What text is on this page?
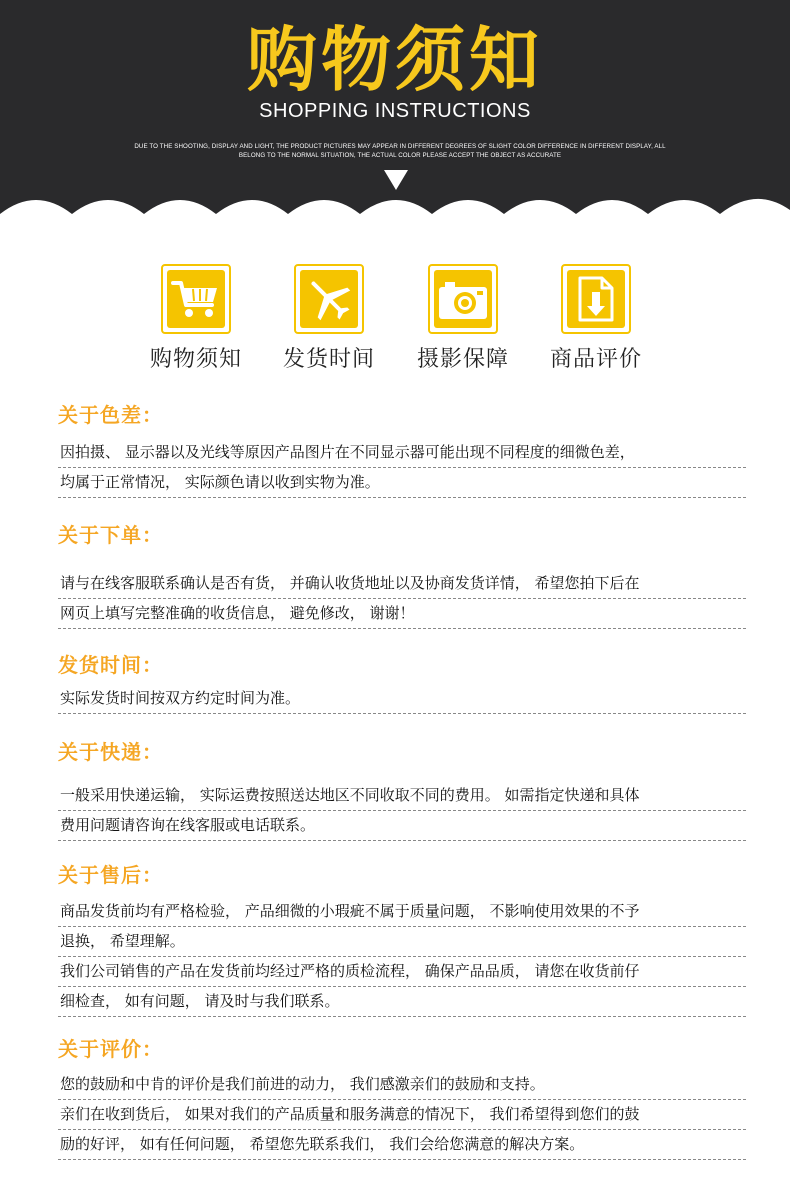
购物须知
SHOPPING INSTRUCTIONS
DUE TO THE SHOOTING, DISPLAY AND LIGHT, THE PRODUCT PICTURES MAY APPEAR IN DIFFERENT DEGREES OF SLIGHT COLOR DIFFERENCE IN DIFFERENT DISPLAY, ALL
BELONG TO THE NORMAL SITUATION, THE ACTUAL COLOR PLEASE ACCEPT THE OBJECT AS ACCURATE
购物须知	发货时间	摄影保障	商品评价
关于色差：
因拍摄、 显示器以及光线等原因产品图片在不同显示器可能出现不同程度的细微色差，
均属于正常情况， 实际颜色请以收到实物为准。
关于下单：
请与在线客服联系确认是否有货， 并确认收货地址以及协商发货详情， 希望您拍下后在
网页上填写完整准确的收货信息， 避免修改， 谢谢！
发货时间：
实际发货时间按双方约定时间为准。
关于快递：
一般采用快递运输， 实际运费按照送达地区不同收取不同的费用。 如需指定快递和具体
费用问题请咨询在线客服或电话联系。
关于售后：
商品发货前均有严格检验， 产品细微的小瑕疵不属于质量问题， 不影响使用效果的不予
退换， 希望理解。
我们公司销售的产品在发货前均经过严格的质检流程， 确保产品品质， 请您在收货前仔
细检查， 如有问题， 请及时与我们联系。
关于评价：
您的鼓励和中肯的评价是我们前进的动力， 我们感激亲们的鼓励和支持。
亲们在收到货后， 如果对我们的产品质量和服务满意的情况下， 我们希望得到您们的鼓
励的好评， 如有任何问题， 希望您先联系我们， 我们会给您满意的解决方案。
